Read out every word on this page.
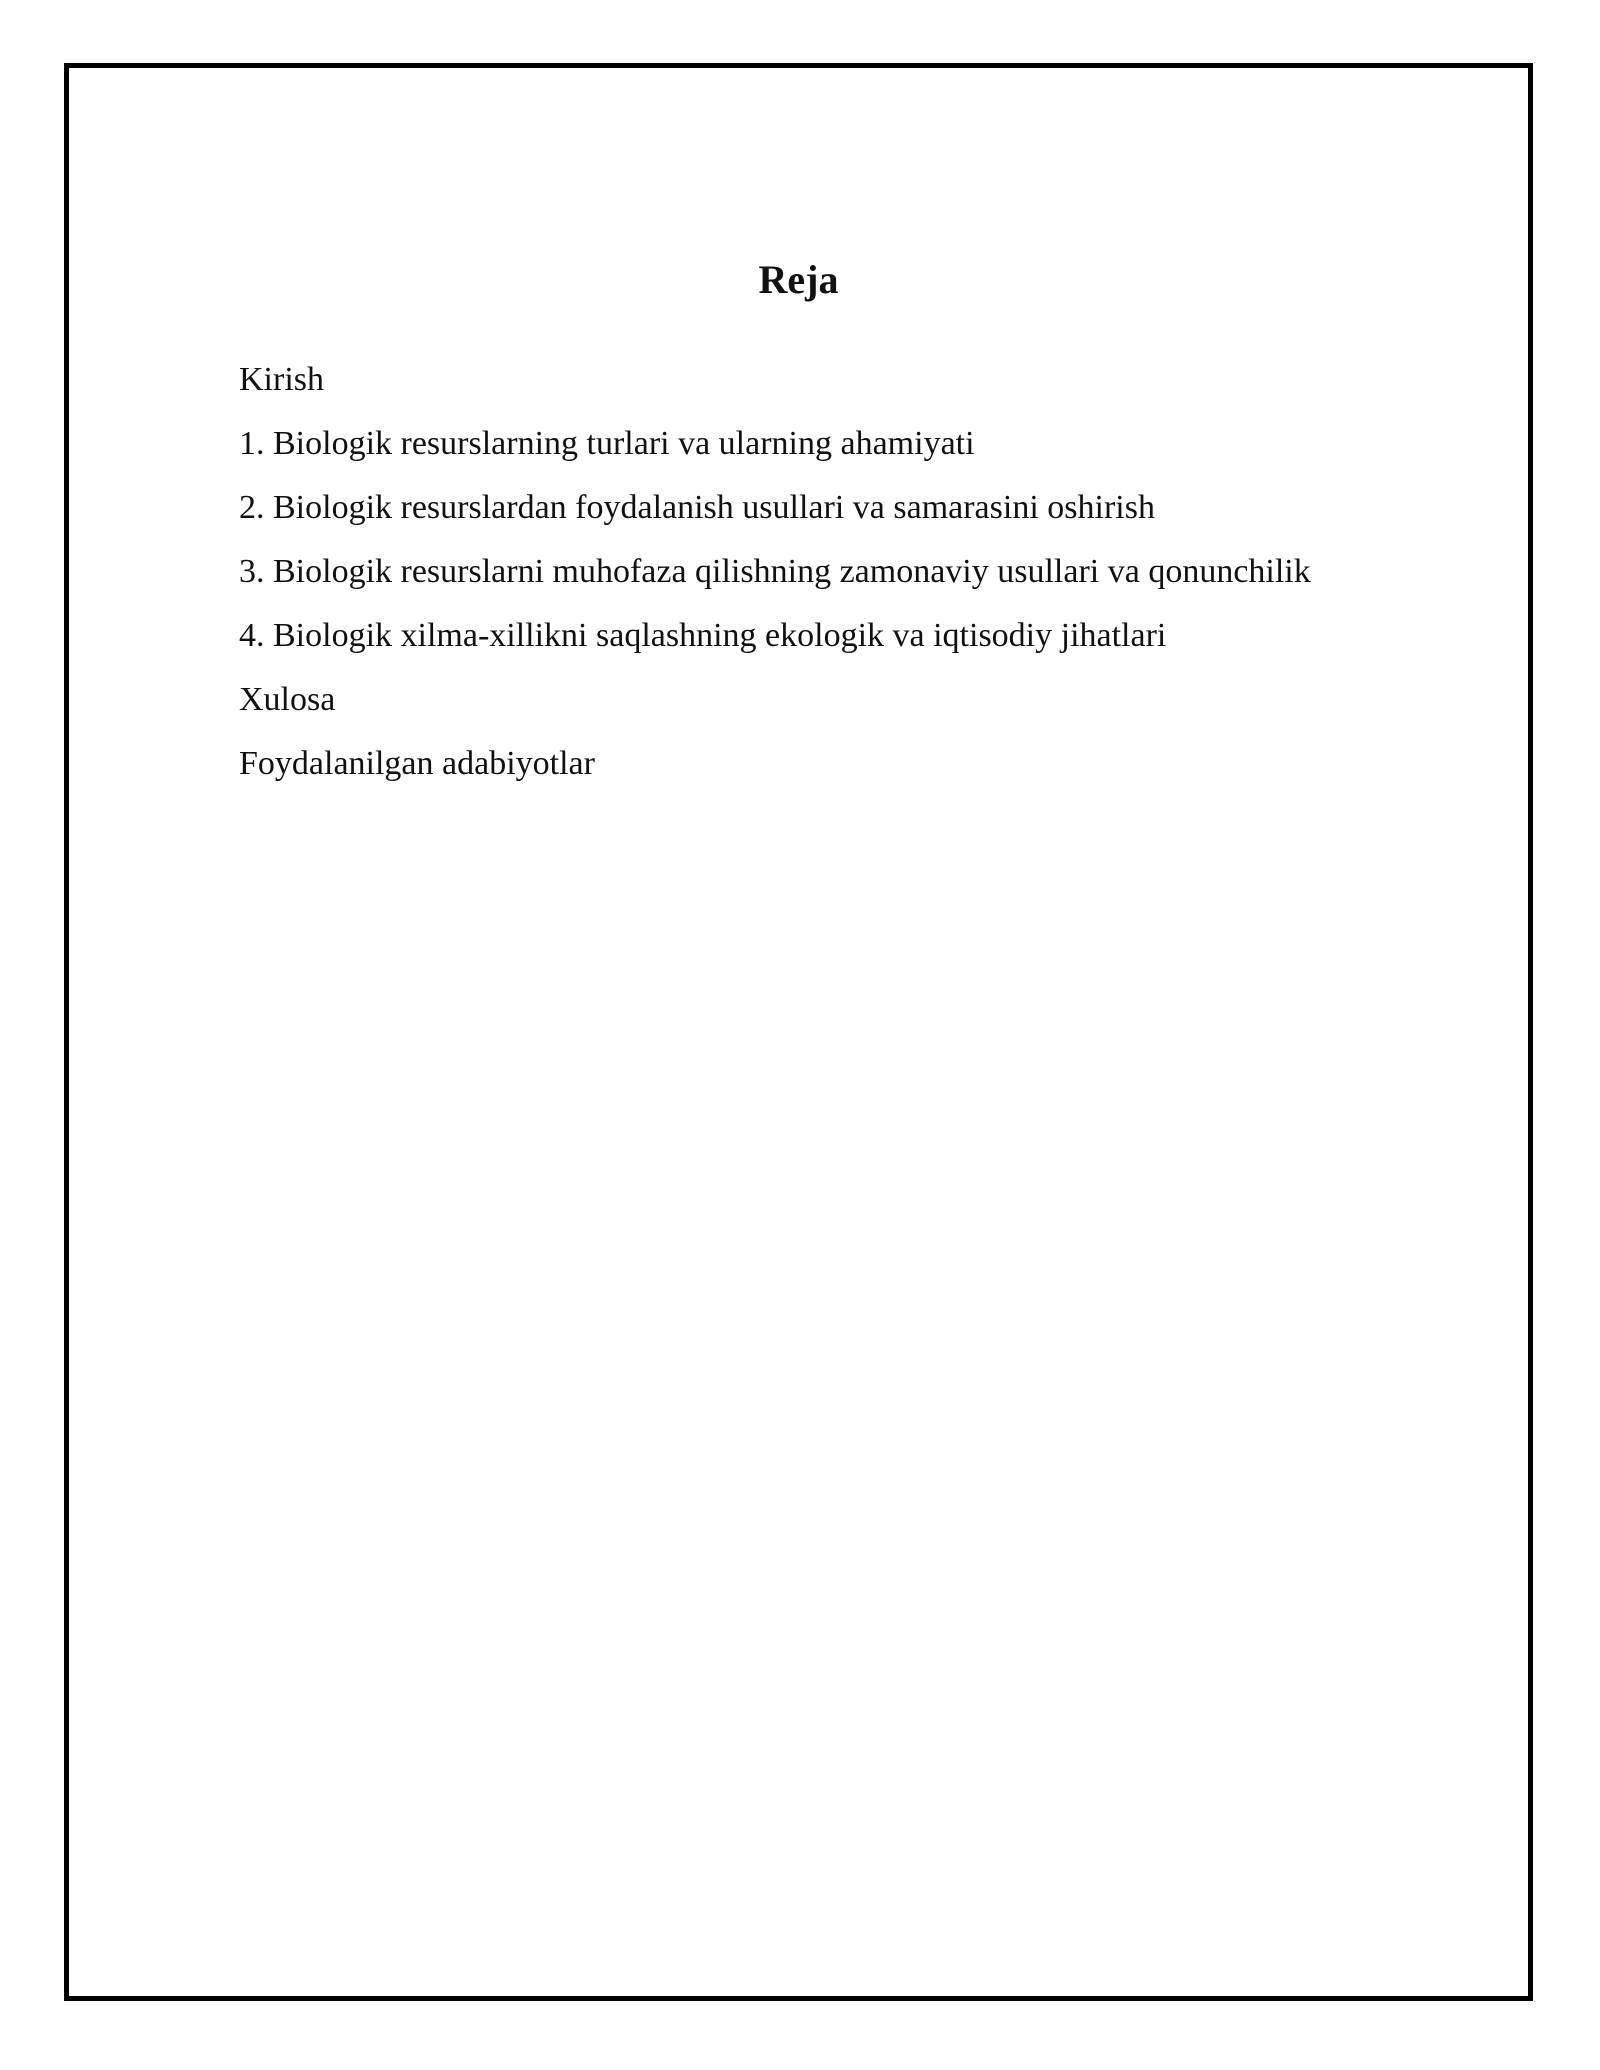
Reja
Kirish
1. Biologik resurslarning turlari va ularning ahamiyati
2. Biologik resurslardan foydalanish usullari va samarasini oshirish
3. Biologik resurslarni muhofaza qilishning zamonaviy usullari va qonunchilik
4. Biologik xilma-xillikni saqlashning ekologik va iqtisodiy jihatlari
Xulosa
Foydalanilgan adabiyotlar
